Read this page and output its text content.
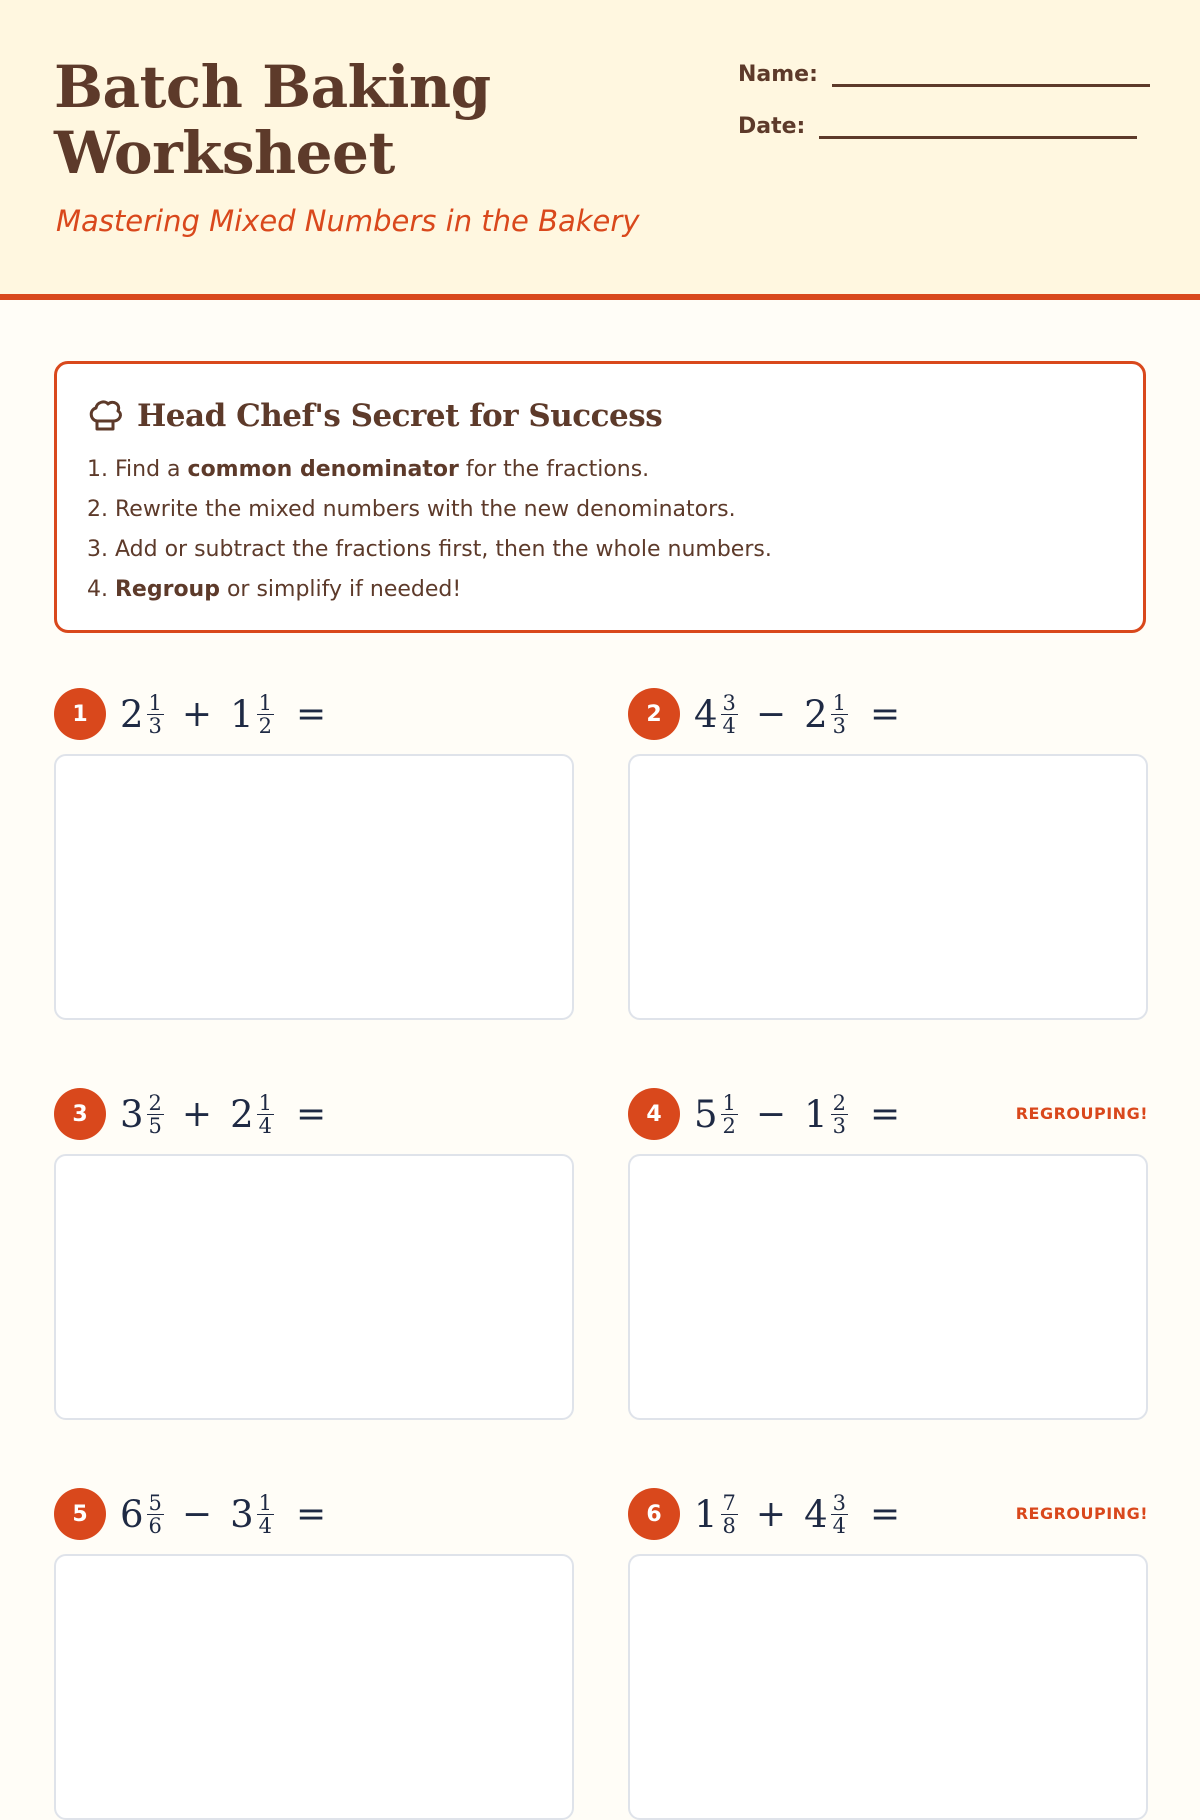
Batch Baking
Worksheet

Mastering Mixed Numbers in the Bakery

Name:
Date:
Head Chef's Secret for Success
1. Find a common denominator for the fractions.
2. Rewrite the mixed numbers with the new denominators.
3. Add or subtract the fractions first, then the whole numbers.
4. Regroup or simplify if needed!
1 $2 \frac{1}{3} + 1 \frac{1}{2}$ =	2 $4 \frac{3}{4} - 2 \frac{1}{3}$ =
3 $3 \frac{2}{5} + 2 \frac{1}{4}$ =	4 $5 \frac{1}{2} - 1 \frac{2}{3}$ =	REGROUPING!
5 $6 \frac{5}{6} - 3 \frac{1}{4}$ =	6 $1 \frac{7}{8} + 4 \frac{3}{4}$ =	REGROUPING!
